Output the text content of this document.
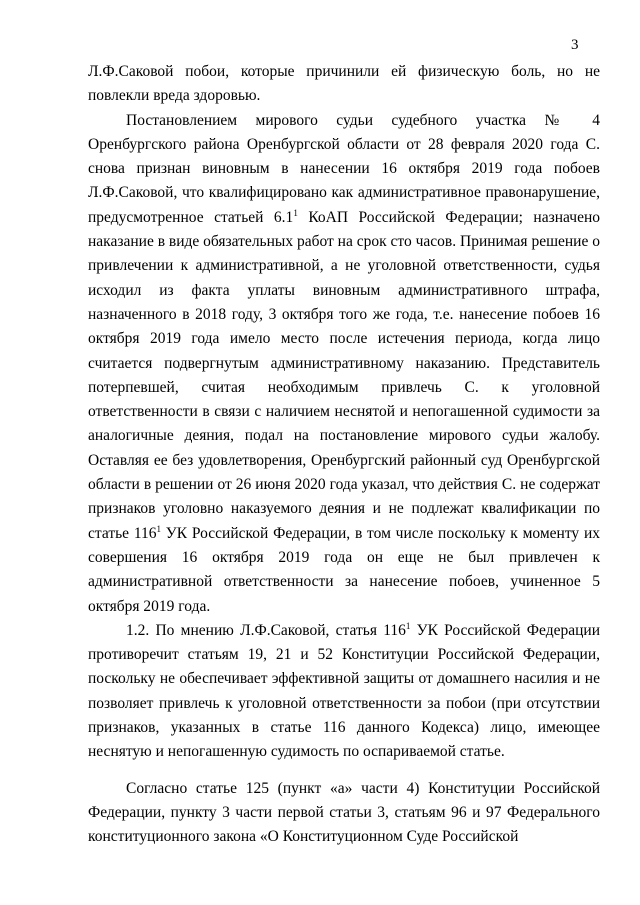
3

Л.Ф.Саковой побои, которые причинили ей физическую боль, но не повлекли вреда здоровью.

Постановлением мирового судьи судебного участка № 4 Оренбургского района Оренбургской области от 28 февраля 2020 года С. снова признан виновным в нанесении 16 октября 2019 года побоев Л.Ф.Саковой, что квалифицировано как административное правонарушение, предусмотренное статьей $6.1^1$ КоАП Российской Федерации; назначено наказание в виде обязательных работ на срок сто часов. Принимая решение о привлечении к административной, а не уголовной ответственности, судья исходил из факта уплаты виновным административного штрафа, назначенного в 2018 году, 3 октября того же года, т.е. нанесение побоев 16 октября 2019 года имело место после истечения периода, когда лицо считается подвергнутым административному наказанию. Представитель потерпевшей, считая необходимым привлечь С. к уголовной ответственности в связи с наличием неснятой и непогашенной судимости за аналогичные деяния, подал на постановление мирового судьи жалобу. Оставляя ее без удовлетворения, Оренбургский районный суд Оренбургской области в решении от 26 июня 2020 года указал, что действия С. не содержат признаков уголовно наказуемого деяния и не подлежат квалификации по статье $116^1$ УК Российской Федерации, в том числе поскольку к моменту их совершения 16 октября 2019 года он еще не был привлечен к административной ответственности за нанесение побоев, учиненное 5 октября 2019 года.

1.2. По мнению Л.Ф.Саковой, статья $116^1$ УК Российской Федерации противоречит статьям 19, 21 и 52 Конституции Российской Федерации, поскольку не обеспечивает эффективной защиты от домашнего насилия и не позволяет привлечь к уголовной ответственности за побои (при отсутствии признаков, указанных в статье 116 данного Кодекса) лицо, имеющее неснятую и непогашенную судимость по оспариваемой статье.

Согласно статье 125 (пункт «а» части 4) Конституции Российской Федерации, пункту 3 части первой статьи 3, статьям 96 и 97 Федерального конституционного закона «О Конституционном Суде Российской
